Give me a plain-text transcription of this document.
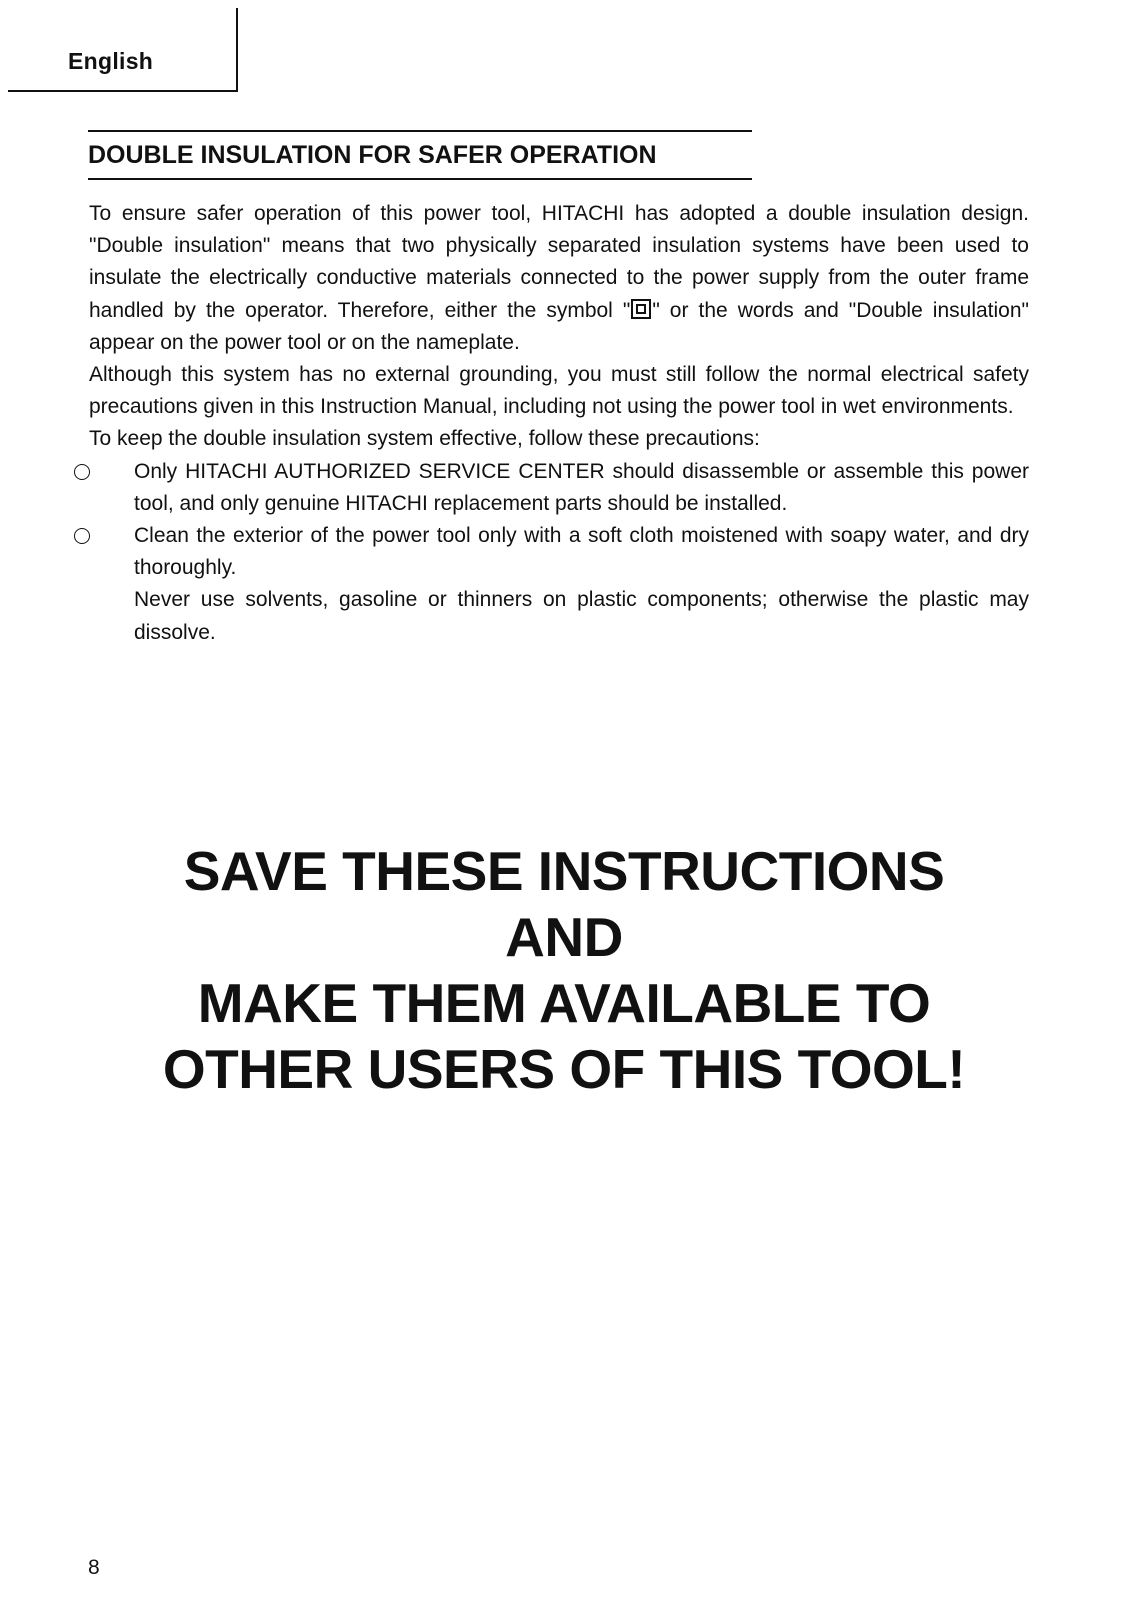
English
DOUBLE INSULATION FOR SAFER OPERATION

To ensure safer operation of this power tool, HITACHI has adopted a double insulation design. "Double insulation" means that two physically separated insulation systems have been used to insulate the electrically conductive materials connected to the power supply from the outer frame handled by the operator. Therefore, either the symbol " " or the words and "Double insulation" appear on the power tool or on the nameplate.

Although this system has no external grounding, you must still follow the normal electrical safety precautions given in this Instruction Manual, including not using the power tool in wet environments.

To keep the double insulation system effective, follow these precautions:

Only HITACHI AUTHORIZED SERVICE CENTER should disassemble or assemble this power tool, and only genuine HITACHI replacement parts should be installed.
Clean the exterior of the power tool only with a soft cloth moistened with soapy water, and dry thoroughly.
Never use solvents, gasoline or thinners on plastic components; otherwise the plastic may dissolve.
SAVE THESE INSTRUCTIONS
AND
MAKE THEM AVAILABLE TO
OTHER USERS OF THIS TOOL!
8
